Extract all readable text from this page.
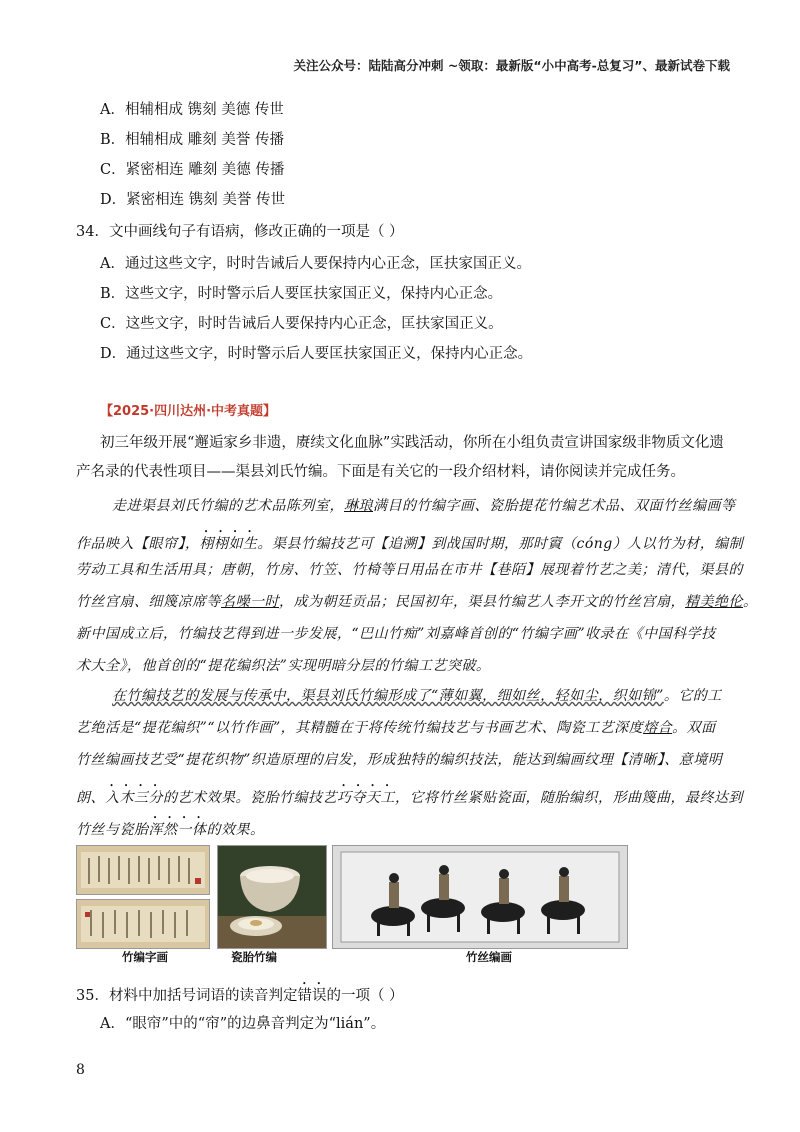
关注公众号：陆陆高分冲刺 ~领取：最新版“小中高考-总复习”、最新试卷下载
A．相辅相成 镌刻 美德 传世
B．相辅相成 雕刻 美誉 传播
C．紧密相连 雕刻 美德 传播
D．紧密相连 镌刻 美誉 传世
34．文中画线句子有语病，修改正确的一项是（ ）
A．通过这些文字，时时告诫后人要保持内心正念，匡扶家国正义。
B．这些文字，时时警示后人要匡扶家国正义，保持内心正念。
C．这些文字，时时告诫后人要保持内心正念，匡扶家国正义。
D．通过这些文字，时时警示后人要匡扶家国正义，保持内心正念。
【2025·四川达州·中考真题】
初三年级开展“邂逅家乡非遗，赓续文化血脉”实践活动，你所在小组负责宣讲国家级非物质文化遗
产名录的代表性项目——渠县刘氏竹编。下面是有关它的一段介绍材料，请你阅读并完成任务。
走进渠县刘氏竹编的艺术品陈列室，琳琅满目的竹编字画、瓷胎提花竹编艺术品、双面竹丝编画等
作品映入【眼帘】，栩栩如生。渠县竹编技艺可【追溯】到战国时期，那时賨（cóng）人以竹为材，编制
劳动工具和生活用具；唐朝，竹房、竹笠、竹椅等日用品在市井【巷陌】展现着竹艺之美；清代，渠县的
竹丝宫扇、细篾凉席等名噪一时，成为朝廷贡品；民国初年，渠县竹编艺人李开文的竹丝宫扇，精美绝伦。
新中国成立后，竹编技艺得到进一步发展，“巴山竹痴”刘嘉峰首创的“竹编字画”收录在《中国科学技
术大全》，他首创的“提花编织法”实现明暗分层的竹编工艺突破。
在竹编技艺的发展与传承中，渠县刘氏竹编形成了“薄如翼，细如丝，轻如尘，织如锦”。它的工
艺绝活是“提花编织”“以竹作画”，其精髓在于将传统竹编技艺与书画艺术、陶瓷工艺深度熔合。双面
竹丝编画技艺受“提花织物”织造原理的启发，形成独特的编织技法，能达到编画纹理【清晰】、意境明
朗、入木三分的艺术效果。瓷胎竹编技艺巧夺天工，它将竹丝紧贴瓷面，随胎编织，形曲篾曲，最终达到
竹丝与瓷胎浑然一体的效果。
竹编字画	瓷胎竹编	竹丝编画
35．材料中加括号词语的读音判定错误的一项（ ）
A．“眼帘”中的“帘”的边鼻音判定为“lián”。
8
